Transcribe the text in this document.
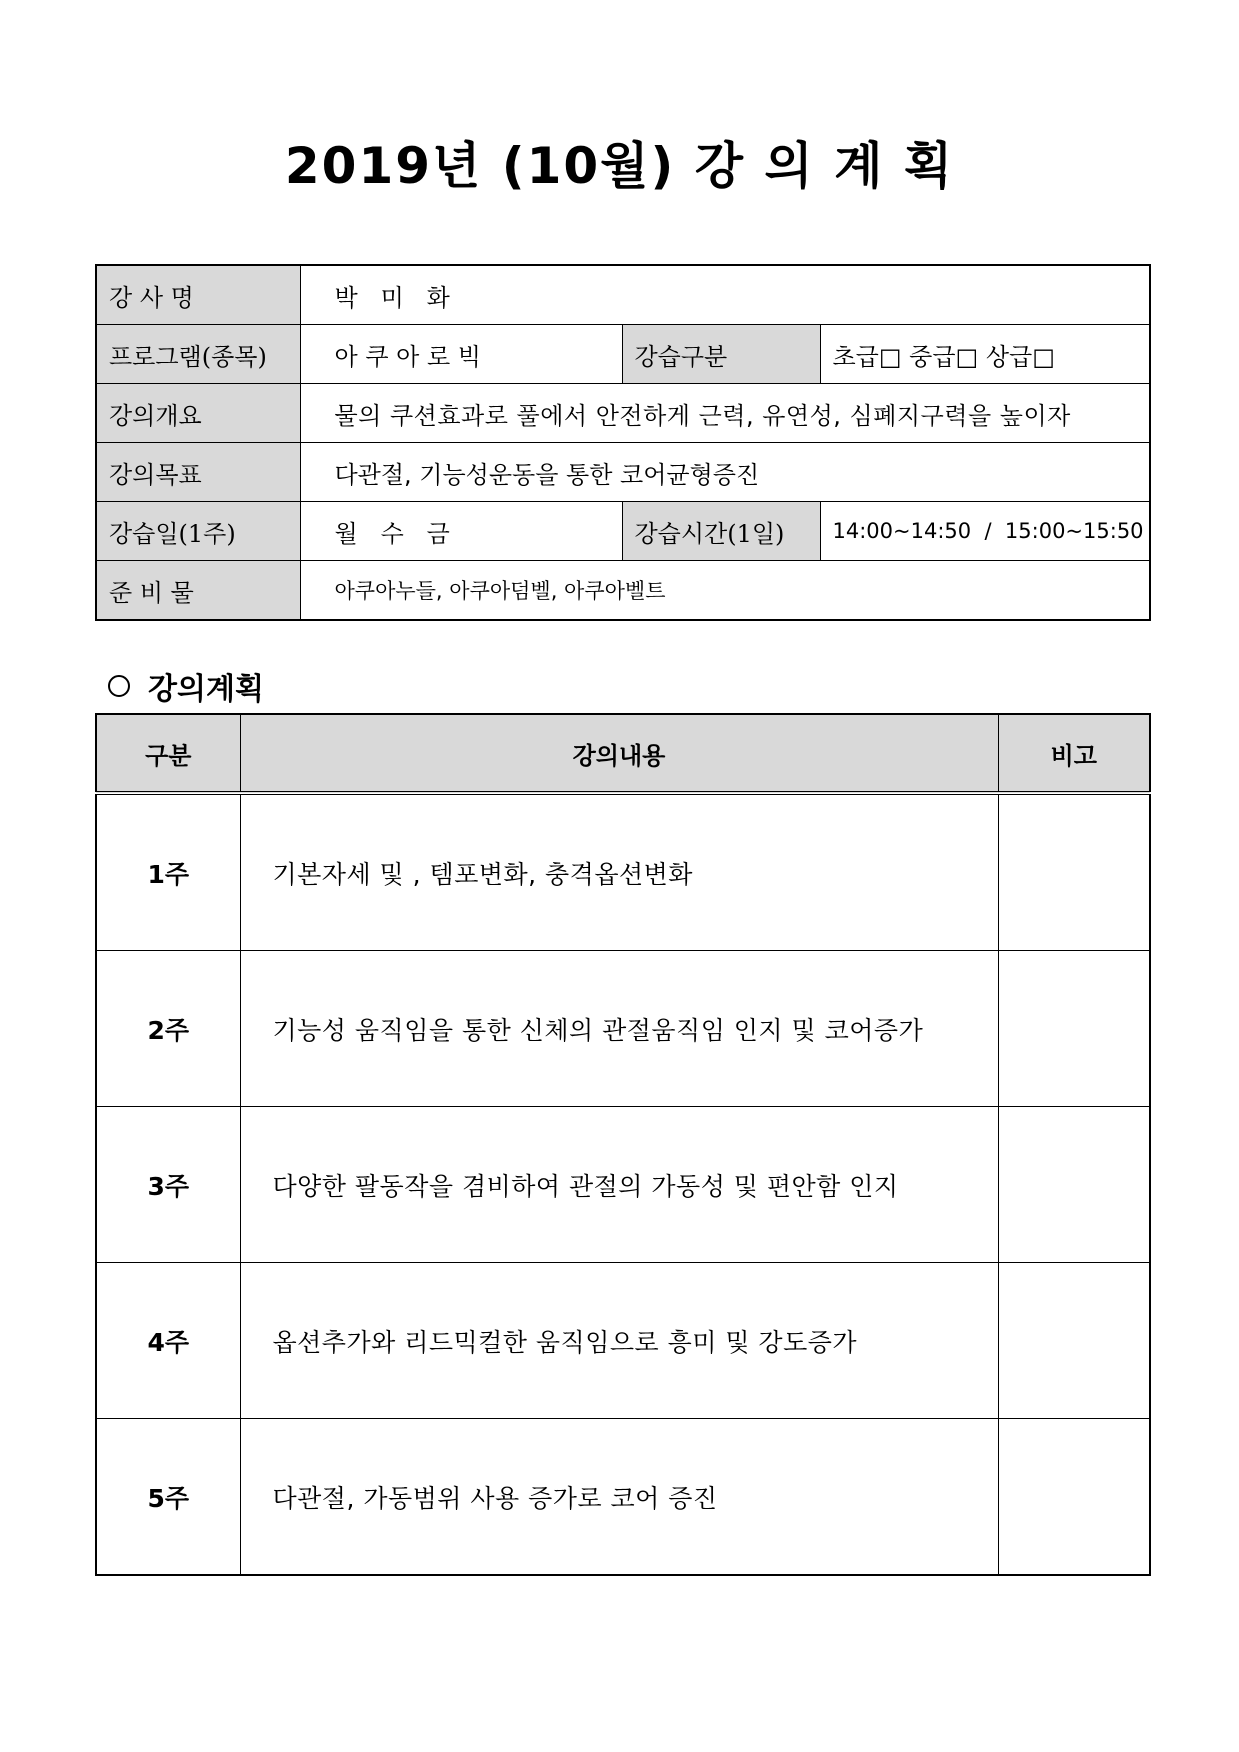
2019년 (10월) 강 의 계 획
강 사 명	박   미   화		
프로그램(종목)	아 쿠 아 로 빅	강습구분	초급□ 중급□ 상급□
강의개요	물의 쿠션효과로 풀에서 안전하게 근력, 유연성, 심폐지구력을 높이자		
강의목표	다관절, 기능성운동을 통한 코어균형증진		
강습일(1주)	월   수   금	강습시간(1일)	14:00~14:50  /  15:00~15:50
준 비 물	아쿠아누들, 아쿠아덤벨, 아쿠아벨트		
강의계획
구분	강의내용	비고
1주	기본자세 및 , 템포변화, 충격옵션변화	
2주	기능성 움직임을 통한 신체의 관절움직임 인지 및 코어증가	
3주	다양한 팔동작을 겸비하여 관절의 가동성 및 편안함 인지	
4주	옵션추가와 리드믹컬한 움직임으로 흥미 및 강도증가	
5주	다관절, 가동범위 사용 증가로 코어 증진	
